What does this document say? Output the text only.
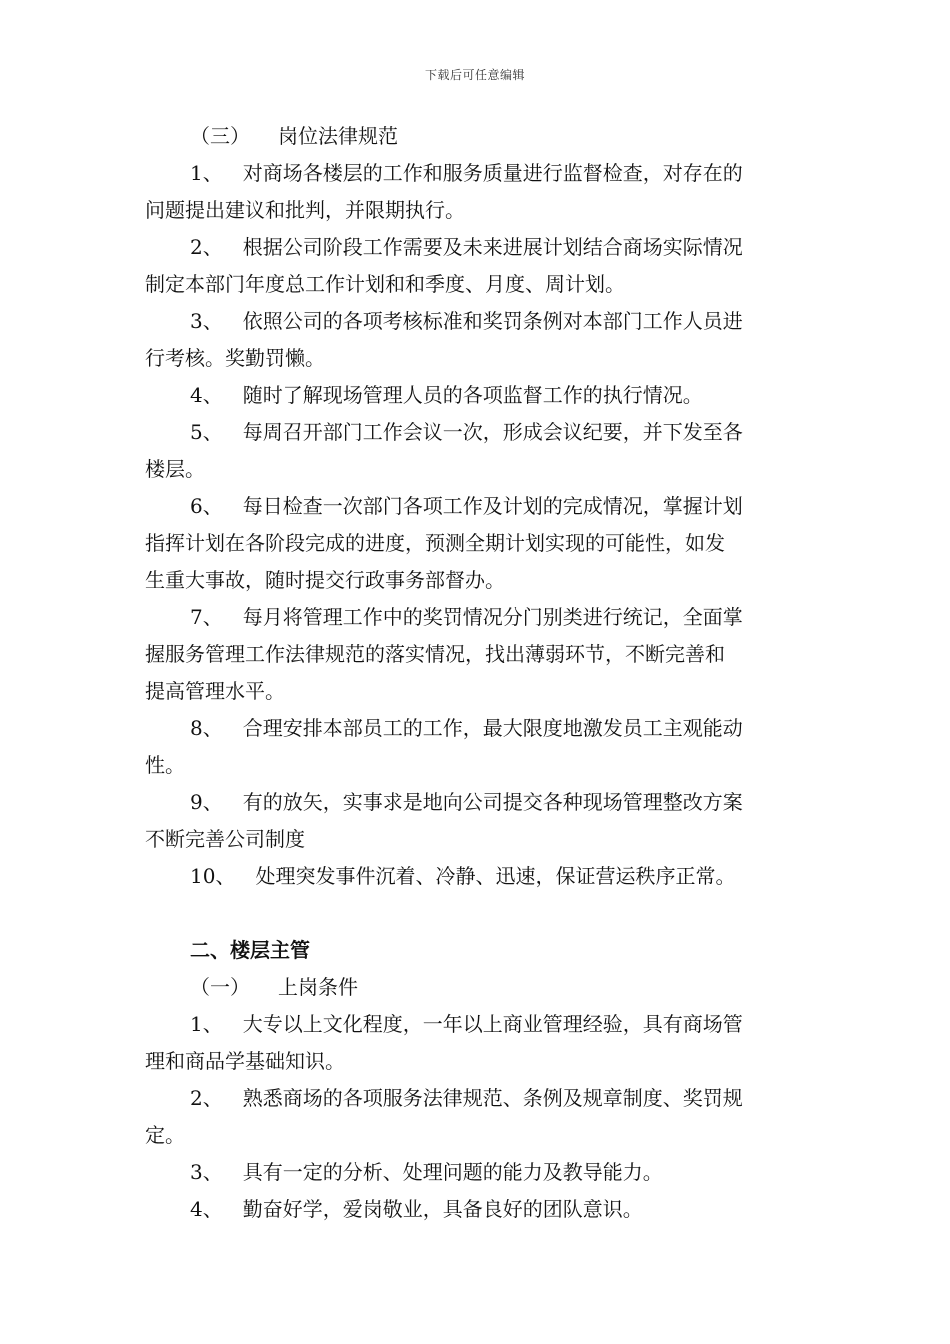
下载后可任意编辑
（三） 岗位法律规范
1、 对商场各楼层的工作和服务质量进行监督检查，对存在的
问题提出建议和批判，并限期执行。
2、 根据公司阶段工作需要及未来进展计划结合商场实际情况
制定本部门年度总工作计划和和季度、月度、周计划。
3、 依照公司的各项考核标准和奖罚条例对本部门工作人员进
行考核。奖勤罚懒。
4、 随时了解现场管理人员的各项监督工作的执行情况。
5、 每周召开部门工作会议一次，形成会议纪要，并下发至各
楼层。
6、 每日检查一次部门各项工作及计划的完成情况，掌握计划
指挥计划在各阶段完成的进度，预测全期计划实现的可能性，如发
生重大事故，随时提交行政事务部督办。
7、 每月将管理工作中的奖罚情况分门别类进行统记，全面掌
握服务管理工作法律规范的落实情况，找出薄弱环节，不断完善和
提高管理水平。
8、 合理安排本部员工的工作，最大限度地激发员工主观能动
性。
9、 有的放矢，实事求是地向公司提交各种现场管理整改方案
不断完善公司制度
10、 处理突发事件沉着、冷静、迅速，保证营运秩序正常。
二、楼层主管
（一） 上岗条件
1、 大专以上文化程度，一年以上商业管理经验，具有商场管
理和商品学基础知识。
2、 熟悉商场的各项服务法律规范、条例及规章制度、奖罚规
定。
3、 具有一定的分析、处理问题的能力及教导能力。
4、 勤奋好学，爱岗敬业，具备良好的团队意识。
